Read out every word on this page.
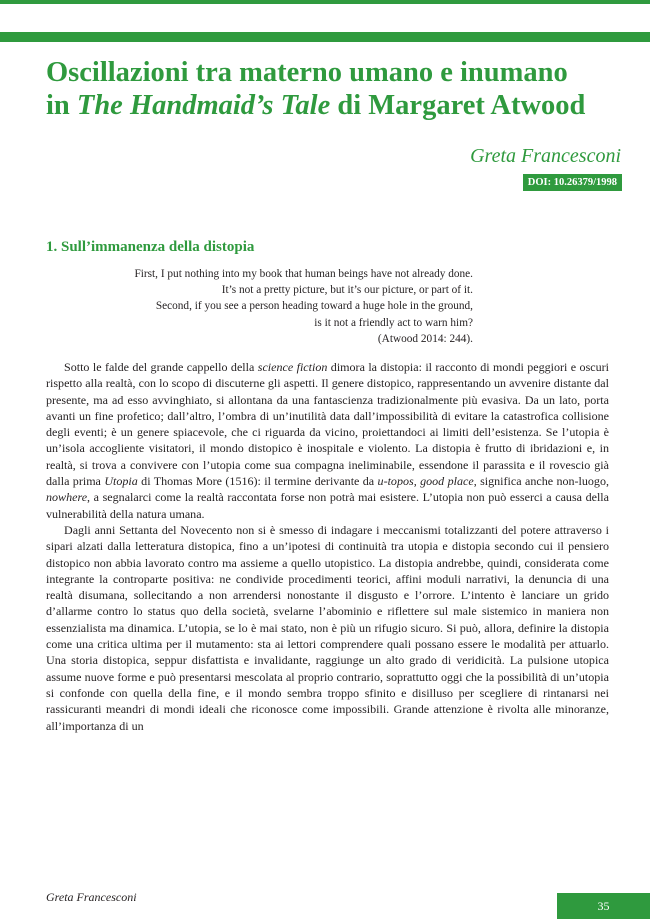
Oscillazioni tra materno umano e inumano
in The Handmaid’s Tale di Margaret Atwood

Greta Francesconi

DOI: 10.26379/1998
1. Sull’immanenza della distopia
First, I put nothing into my book that human beings have not already done.
It’s not a pretty picture, but it’s our picture, or part of it.
Second, if you see a person heading toward a huge hole in the ground,
is it not a friendly act to warn him?
(Atwood 2014: 244).

Sotto le falde del grande cappello della science fiction dimora la distopia: il racconto di mondi peggiori e oscuri rispetto alla realtà, con lo scopo di discuterne gli aspetti. Il genere distopico, rappresentando un avvenire distante dal presente, ma ad esso avvinghiato, si allontana da una fantascienza tradizionalmente più evasiva. Da un lato, porta avanti un fine profetico; dall’altro, l’ombra di un’inutilità data dall’impossibilità di evitare la catastrofica collisione degli eventi; è un genere spiacevole, che ci riguarda da vicino, proiettandoci ai limiti dell’esistenza. Se l’utopia è un’isola accogliente visitatori, il mondo distopico è inospitale e violento. La distopia è frutto di ibridazioni e, in realtà, si trova a convivere con l’utopia come sua compagna ineliminabile, essendone il parassita e il rovescio già dalla prima Utopia di Thomas More (1516): il termine derivante da u-topos, good place, significa anche non-luogo, nowhere, a segnalarci come la realtà raccontata forse non potrà mai esistere. L’utopia non può esserci a causa della vulnerabilità della natura umana.

Dagli anni Settanta del Novecento non si è smesso di indagare i meccanismi totalizzanti del potere attraverso i sipari alzati dalla letteratura distopica, fino a un’ipotesi di continuità tra utopia e distopia secondo cui il pensiero distopico non abbia lavorato contro ma assieme a quello utopistico. La distopia andrebbe, quindi, considerata come integrante la controparte positiva: ne condivide procedimenti teorici, affini moduli narrativi, la denuncia di una realtà disumana, sollecitando a non arrendersi nonostante il disgusto e l’orrore. L’intento è lanciare un grido d’allarme contro lo status quo della società, svelarne l’abominio e riflettere sul male sistemico in maniera non essenzialista ma dinamica. L’utopia, se lo è mai stato, non è più un rifugio sicuro. Si può, allora, definire la distopia come una critica ultima per il mutamento: sta ai lettori comprendere quali possano essere le modalità per attuarlo. Una storia distopica, seppur disfattista e invalidante, raggiunge un alto grado di veridicità. La pulsione utopica assume nuove forme e può presentarsi mescolata al proprio contrario, soprattutto oggi che la possibilità di un’utopia si confonde con quella della fine, e il mondo sembra troppo sfinito e disilluso per scegliere di rintanarsi nei rassicuranti meandri di mondi ideali che riconosce come impossibili. Grande attenzione è rivolta alle minoranze, all’importanza di un

Greta Francesconi
35
